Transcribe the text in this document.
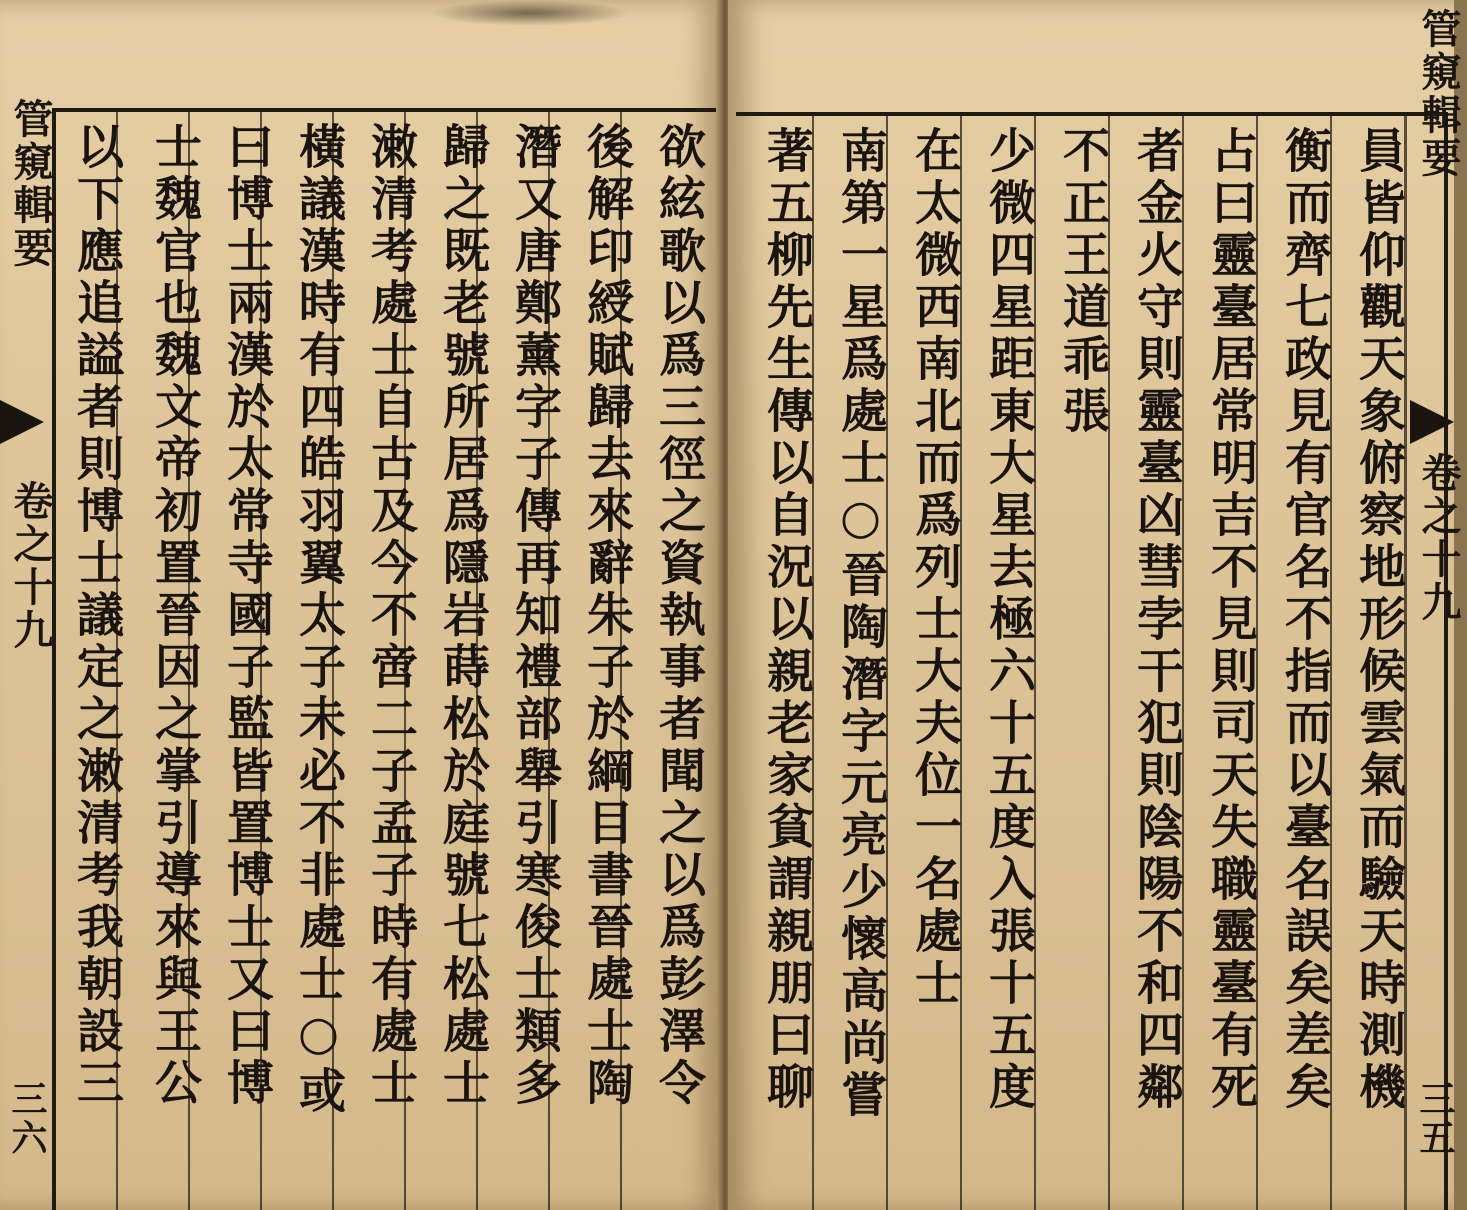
管窺輯要
卷之十九
三六
欲絃歌以爲三徑之資執事者聞之以爲彭澤令
後解印綬賦歸去來辭朱子於綱目書晉處士陶
潛又唐鄭薰字子傳再知禮部舉引寒俊士類多
歸之既老號所居爲隱岩蒔松於庭號七松處士
潄清考處士自古及今不啻二子孟子時有處士
橫議漢時有四皓羽翼太子未必不非處士○或
曰博士兩漢於太常寺國子監皆置博士又曰博
士魏官也魏文帝初置晉因之掌引導來與王公
以下應追謚者則博士議定之潄清考我朝設三	員皆仰觀天象俯察地形候雲氣而驗天時測機
衡而齊七政見有官名不指而以臺名誤矣差矣
占曰靈臺居常明吉不見則司天失職靈臺有死
者金火守則靈臺凶彗孛干犯則陰陽不和四鄰
不正王道乖張
少微四星距東大星去極六十五度入張十五度
在太微西南北而爲列士大夫位一名處士
南第一星爲處士○晉陶潛字元亮少懷高尚嘗
著五柳先生傳以自況以親老家貧謂親朋曰聊
管窺輯要
卷之十九
三五
